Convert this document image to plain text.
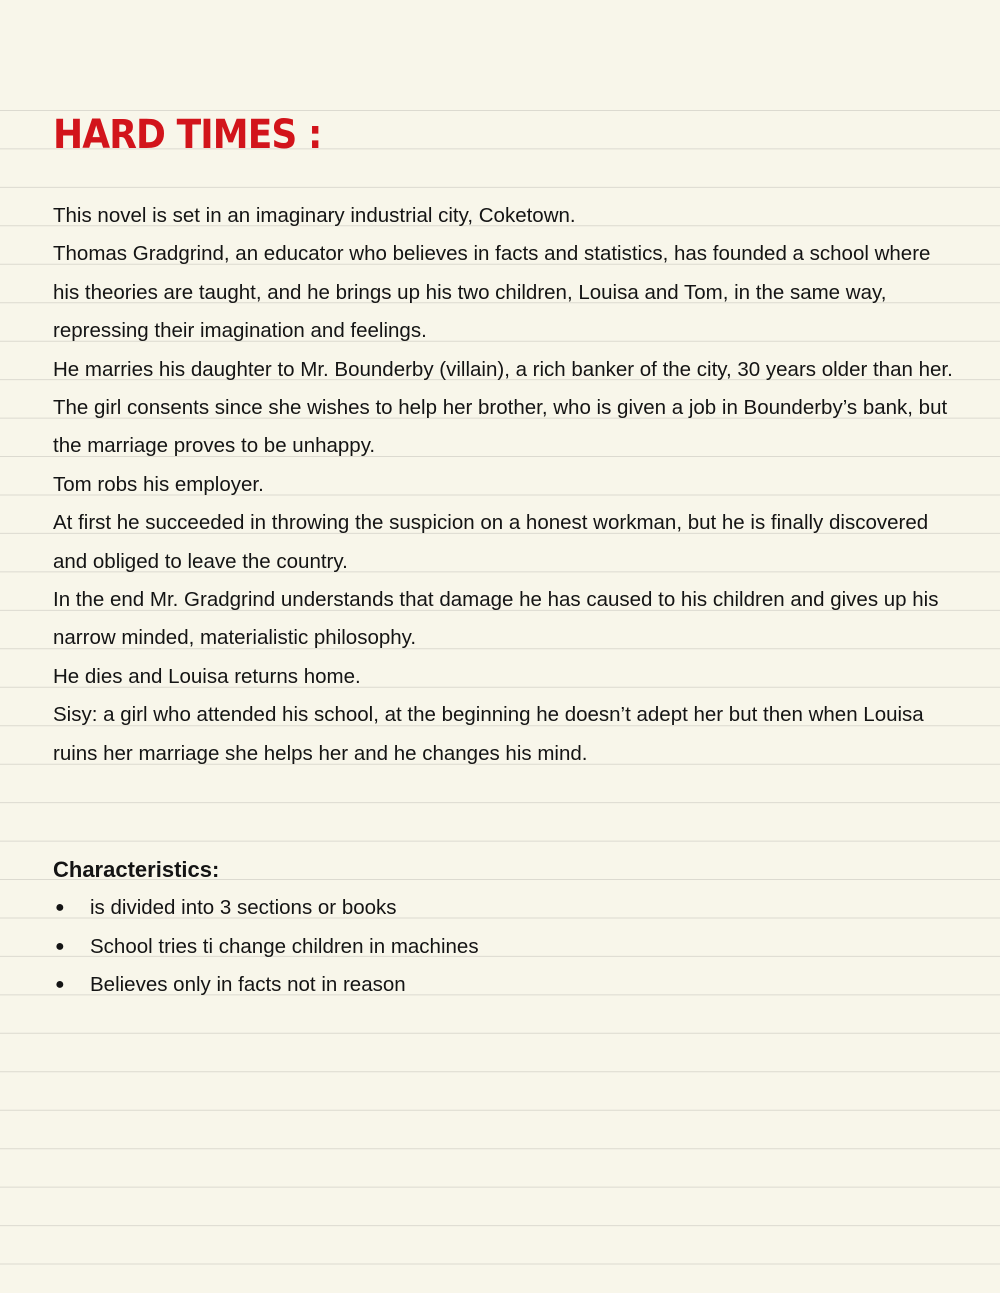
HARD TIMES :

This novel is set in an imaginary industrial city, Coketown.

Thomas Gradgrind, an educator who believes in facts and statistics, has founded a school where his theories are taught, and he brings up his two children, Louisa and Tom, in the same way, repressing their imagination and feelings.

He marries his daughter to Mr. Bounderby (villain), a rich banker of the city, 30 years older than her.

The girl consents since she wishes to help her brother, who is given a job in Bounderby’s bank, but the marriage proves to be unhappy.

Tom robs his employer.

At first he succeeded in throwing the suspicion on a honest workman, but he is finally discovered and obliged to leave the country.

In the end Mr. Gradgrind understands that damage he has caused to his children and gives up his narrow minded, materialistic philosophy.

He dies and Louisa returns home.

Sisy: a girl who attended his school, at the beginning he doesn’t adept her but then when Louisa ruins her marriage she helps her and he changes his mind.

Characteristics:
● is divided into 3 sections or books
● School tries ti change children in machines
● Believes only in facts not in reason
